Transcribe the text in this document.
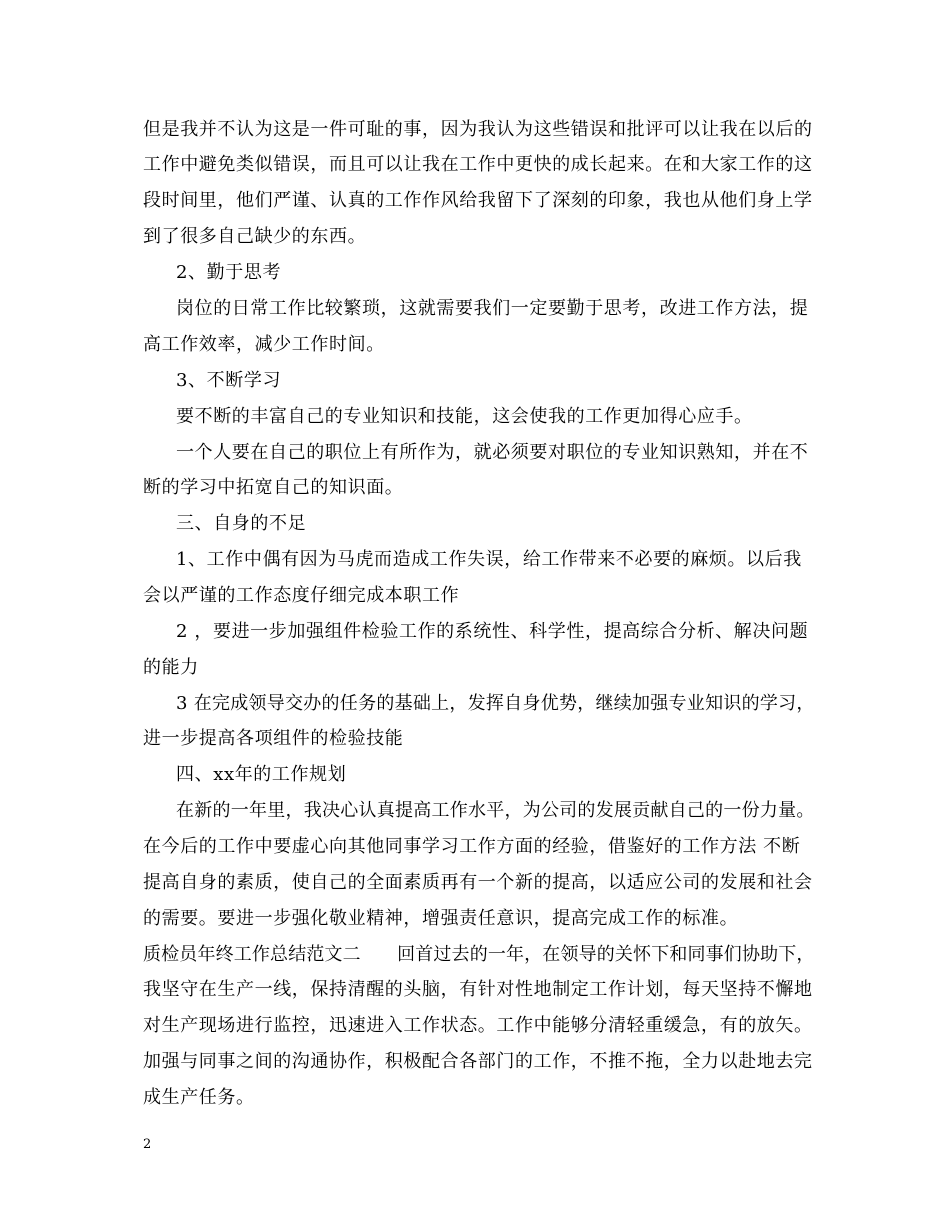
但是我并不认为这是一件可耻的事，因为我认为这些错误和批评可以让我在以后的
工作中避免类似错误，而且可以让我在工作中更快的成长起来。在和大家工作的这
段时间里，他们严谨、认真的工作作风给我留下了深刻的印象，我也从他们身上学
到了很多自己缺少的东西。
2、勤于思考
岗位的日常工作比较繁琐，这就需要我们一定要勤于思考，改进工作方法，提
高工作效率，减少工作时间。
3、不断学习
要不断的丰富自己的专业知识和技能，这会使我的工作更加得心应手。
一个人要在自己的职位上有所作为，就必须要对职位的专业知识熟知，并在不
断的学习中拓宽自己的知识面。
三、自身的不足
1、工作中偶有因为马虎而造成工作失误，给工作带来不必要的麻烦。以后我
会以严谨的工作态度仔细完成本职工作
2 ，要进一步加强组件检验工作的系统性、科学性，提高综合分析、解决问题
的能力
3 在完成领导交办的任务的基础上，发挥自身优势，继续加强专业知识的学习，
进一步提高各项组件的检验技能
四、xx年的工作规划
在新的一年里，我决心认真提高工作水平，为公司的发展贡献自己的一份力量。
在今后的工作中要虚心向其他同事学习工作方面的经验，借鉴好的工作方法 不断
提高自身的素质，使自己的全面素质再有一个新的提高，以适应公司的发展和社会
的需要。要进一步强化敬业精神，增强责任意识，提高完成工作的标准。
质检员年终工作总结范文二　　回首过去的一年，在领导的关怀下和同事们协助下，
我坚守在生产一线，保持清醒的头脑，有针对性地制定工作计划，每天坚持不懈地
对生产现场进行监控，迅速进入工作状态。工作中能够分清轻重缓急，有的放矢。
加强与同事之间的沟通协作，积极配合各部门的工作，不推不拖，全力以赴地去完
成生产任务。
2
